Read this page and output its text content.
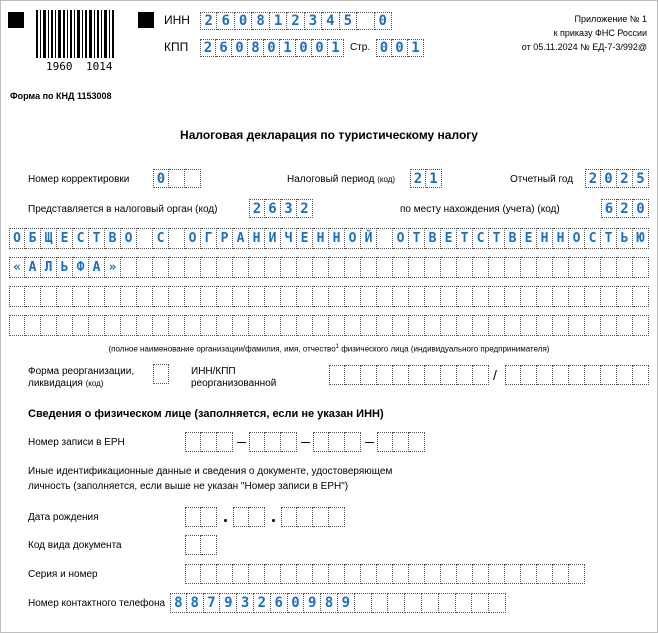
1960 1014
Форма по КНД 1153008
ИНН	2 6 0 8 1 2 3 4 5	0
КПП 2 6 0 8 0 1 0 0 1	Стр. 0 0 1
Приложение № 1
к приказу ФНС России
от 05.11.2024 № ЕД-7-3/992@
Налоговая декларация по туристическому налогу
Номер корректировки 0	Налоговый период (код) 2 1	Отчетный год 2 0 2 5
Представляется в налоговый орган (код)	2 6 3 2	по месту нахождения (учета) (код)	6 2 0
О Б Щ Е С Т В О	С	О Г Р А Н И Ч Е Н Н О Й	О Т В Е Т С Т В Е Н Н О С Т Ь Ю
« А Л Ь Ф А »
(полное наименование организации/фамилия, имя, отчество$^1$ физического лица (индивидуального предпринимателя)
Форма реорганизации,
ликвидация (код)
ИНН/КПП
реорганизованной
/
Сведения о физическом лице (заполняется, если не указан ИНН)
Номер записи в ЕРН
Иные идентификационные данные и сведения о документе, удостоверяющем
личность (заполняется, если выше не указан "Номер записи в ЕРН")
Дата рождения
Код вида документа
Серия и номер
Номер контактного телефона 8 8 7 9 3 2 6 0 9 8 9
